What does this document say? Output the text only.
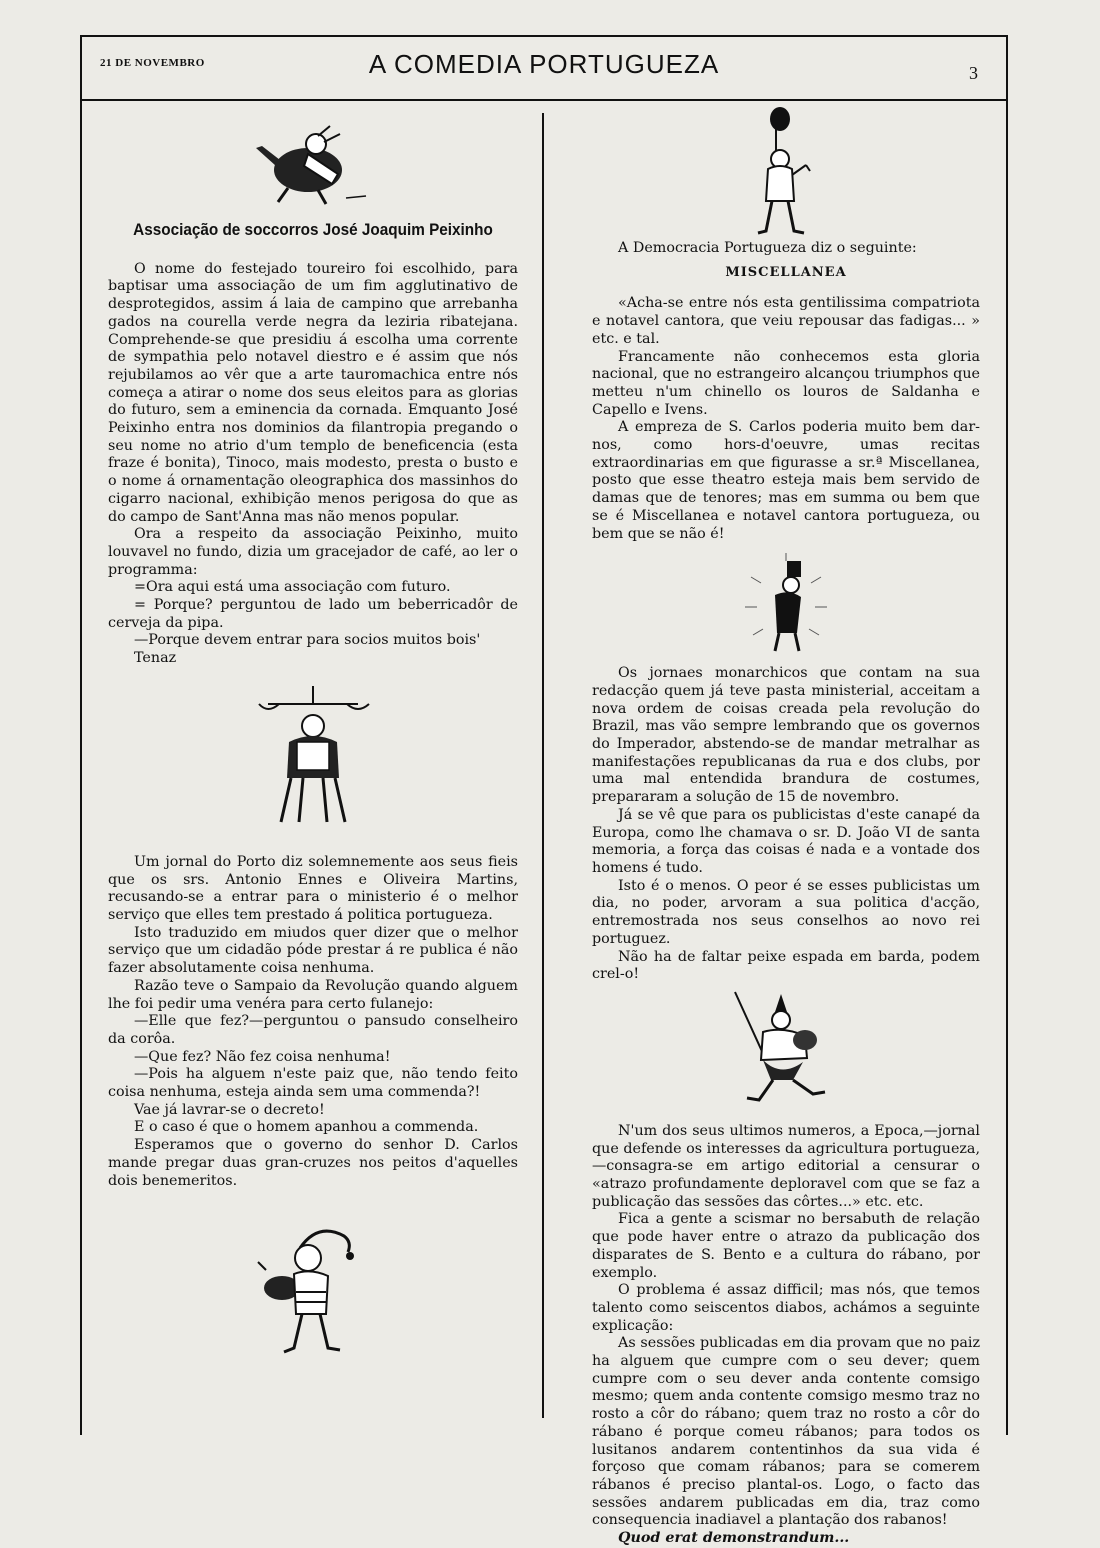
21 DE NOVEMBRO	A COMEDIA PORTUGUEZA	3
Associação de soccorros José Joaquim Peixinho

O nome do festejado toureiro foi escolhido, para baptisar uma associação de um fim agglutinativo de desprotegidos, assim á laia de campino que arrebanha gados na courella verde negra da leziria ribatejana. Comprehende-se que presidiu á escolha uma corrente de sympathia pelo notavel diestro e é assim que nós rejubilamos ao vêr que a arte tauromachica entre nós começa a atirar o nome dos seus eleitos para as glorias do futuro, sem a eminencia da cornada. Emquanto José Peixinho entra nos dominios da filantropia pregando o seu nome no atrio d'um templo de beneficencia (esta fraze é bonita), Tinoco, mais modesto, presta o busto e o nome á ornamentação oleographica dos massinhos do cigarro nacional, exhibição menos perigosa do que as do campo de Sant'Anna mas não menos popular.

Ora a respeito da associação Peixinho, muito louvavel no fundo, dizia um gracejador de café, ao ler o programma:

=Ora aqui está uma associação com futuro.

= Porque? perguntou de lado um beberricadôr de cerveja da pipa.

—Porque devem entrar para socios muitos bois'

Tenaz

Um jornal do Porto diz solemnemente aos seus fieis que os srs. Antonio Ennes e Oliveira Martins, recusando-se a entrar para o ministerio é o melhor serviço que elles tem prestado á politica portugueza.

Isto traduzido em miudos quer dizer que o melhor serviço que um cidadão póde prestar á re publica é não fazer absolutamente coisa nenhuma.

Razão teve o Sampaio da Revolução quando alguem lhe foi pedir uma venéra para certo fulanejo:

—Elle que fez?—perguntou o pansudo conselheiro da corôa.

—Que fez? Não fez coisa nenhuma!

—Pois ha alguem n'este paiz que, não tendo feito coisa nenhuma, esteja ainda sem uma commenda?!

Vae já lavrar-se o decreto!

E o caso é que o homem apanhou a commenda.

Esperamos que o governo do senhor D. Carlos mande pregar duas gran-cruzes nos peitos d'aquelles dois benemeritos.

A Democracia Portugueza diz o seguinte:

MISCELLANEA

«Acha-se entre nós esta gentilissima compatriota e notavel cantora, que veiu repousar das fadigas... » etc. e tal.

Francamente não conhecemos esta gloria nacional, que no estrangeiro alcançou triumphos que metteu n'um chinello os louros de Saldanha e Capello e Ivens.

A empreza de S. Carlos poderia muito bem dar-nos, como hors-d'oeuvre, umas recitas extraordinarias em que figurasse a sr.ª Miscellanea, posto que esse theatro esteja mais bem servido de damas que de tenores; mas em summa ou bem que se é Miscellanea e notavel cantora portugueza, ou bem que se não é!

Os jornaes monarchicos que contam na sua redacção quem já teve pasta ministerial, acceitam a nova ordem de coisas creada pela revolução do Brazil, mas vão sempre lembrando que os governos do Imperador, abstendo-se de mandar metralhar as manifestações republicanas da rua e dos clubs, por uma mal entendida brandura de costumes, prepararam a solução de 15 de novembro.

Já se vê que para os publicistas d'este canapé da Europa, como lhe chamava o sr. D. João VI de santa memoria, a força das coisas é nada e a vontade dos homens é tudo.

Isto é o menos. O peor é se esses publicistas um dia, no poder, arvoram a sua politica d'acção, entremostrada nos seus conselhos ao novo rei portuguez.

Não ha de faltar peixe espada em barda, podem crel-o!

N'um dos seus ultimos numeros, a Epoca,—jornal que defende os interesses da agricultura portugueza,—consagra-se em artigo editorial a censurar o «atrazo profundamente deploravel com que se faz a publicação das sessões das côrtes...» etc. etc.

Fica a gente a scismar no bersabuth de relação que pode haver entre o atrazo da publicação dos disparates de S. Bento e a cultura do rábano, por exemplo.

O problema é assaz difficil; mas nós, que temos talento como seiscentos diabos, achámos a seguinte explicação:

As sessões publicadas em dia provam que no paiz ha alguem que cumpre com o seu dever; quem cumpre com o seu dever anda contente comsigo mesmo; quem anda contente comsigo mesmo traz no rosto a côr do rábano; quem traz no rosto a côr do rábano é porque comeu rábanos; para todos os lusitanos andarem contentinhos da sua vida é forçoso que comam rábanos; para se comerem rábanos é preciso plantal-os. Logo, o facto das sessões andarem publicadas em dia, traz como consequencia inadiavel a plantação dos rabanos!

Quod erat demonstrandum...
